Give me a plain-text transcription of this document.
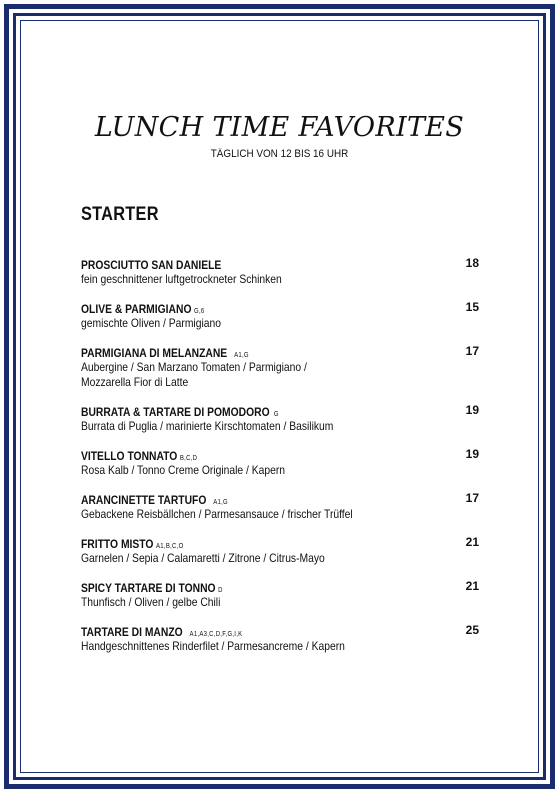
LUNCH TIME FAVORITES
TÄGLICH VON 12 BIS 16 UHR
STARTER
PROSCIUTTO SAN DANIELE	18
fein geschnittener luftgetrockneter Schinken
OLIVE & PARMIGIANO G,6	15
gemischte Oliven / Parmigiano
PARMIGIANA DI MELANZANE A1,G	17
Aubergine / San Marzano Tomaten / Parmigiano /
Mozzarella Fior di Latte
BURRATA & TARTARE DI POMODORO G	19
Burrata di Puglia / marinierte Kirschtomaten / Basilikum
VITELLO TONNATO B,C,D	19
Rosa Kalb / Tonno Creme Originale / Kapern
ARANCINETTE TARTUFO A1,G	17
Gebackene Reisbällchen / Parmesansauce / frischer Trüffel
FRITTO MISTO A1,B,C,O	21
Garnelen / Sepia / Calamaretti / Zitrone / Citrus-Mayo
SPICY TARTARE DI TONNO D	21
Thunfisch / Oliven / gelbe Chili
TARTARE DI MANZO A1,A3,C,D,F,G,I,K	25
Handgeschnittenes Rinderfilet / Parmesancreme / Kapern
